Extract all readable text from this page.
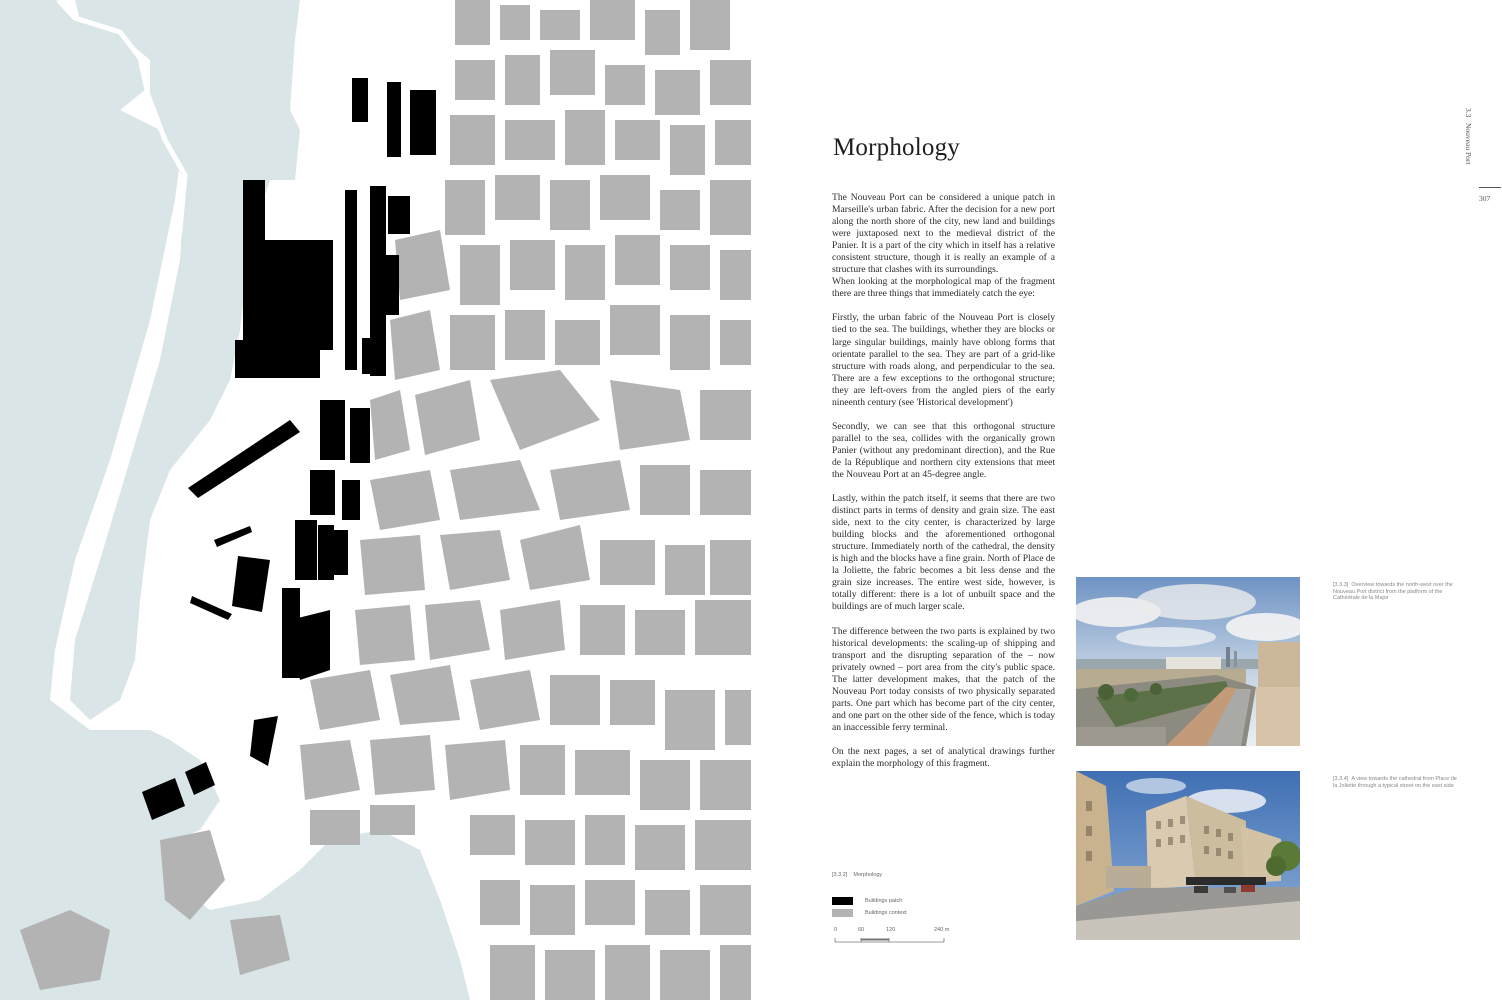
3.3   Nouveau Port
307
Morphology

The Nouveau Port can be considered a unique patch in Marseille's urban fabric. After the decision for a new port along the north shore of the city, new land and buildings were juxtaposed next to the medieval district of the Panier. It is a part of the city which in itself has a relative consistent structure, though it is really an example of a structure that clashes with its surroundings.

When looking at the morphological map of the fragment there are three things that immediately catch the eye:

Firstly, the urban fabric of the Nouveau Port is closely tied to the sea. The buildings, whether they are blocks or large singular buildings, mainly have oblong forms that orientate parallel to the sea. They are part of a grid-like structure with roads along, and perpendicular to the sea. There are a few exceptions to the orthogonal structure; they are left-overs from the angled piers of the early nineenth century (see 'Historical development')

Secondly, we can see that this orthogonal structure parallel to the sea, collides with the organically grown Panier (without any predominant direction), and the Rue de la République and northern city extensions that meet the Nouveau Port at an 45-degree angle.

Lastly, within the patch itself, it seems that there are two distinct parts in terms of density and grain size. The east side, next to the city center, is characterized by large building blocks and the aforementioned orthogonal structure. Immediately north of the cathedral, the density is high and the blocks have a fine grain. North of Place de la Joliette, the fabric becomes a bit less dense and the grain size increases. The entire west side, however, is totally different: there is a lot of unbuilt space and the buildings are of much larger scale.

The difference between the two parts is explained by two historical developments: the scaling-up of shipping and transport and the disrupting separation of the – now privately owned – port area from the city's public space. The latter development makes, that the patch of the Nouveau Port today consists of two physically separated parts. One part which has become part of the city center, and one part on the other side of the fence, which is today an inaccessible ferry terminal.

On the next pages, a set of analytical drawings further explain the morphology of this fragment.

[3.3.2] Morphology
Buildings patch
Buildings context
0	60	120	240 m
[3.3.3] Overview towards the north-west over the Nouveau Port district from the platform of the Cathédrale de la Major
[3.3.4] A view towards the cathedral from Place de la Joliette through a typical street on the east side
